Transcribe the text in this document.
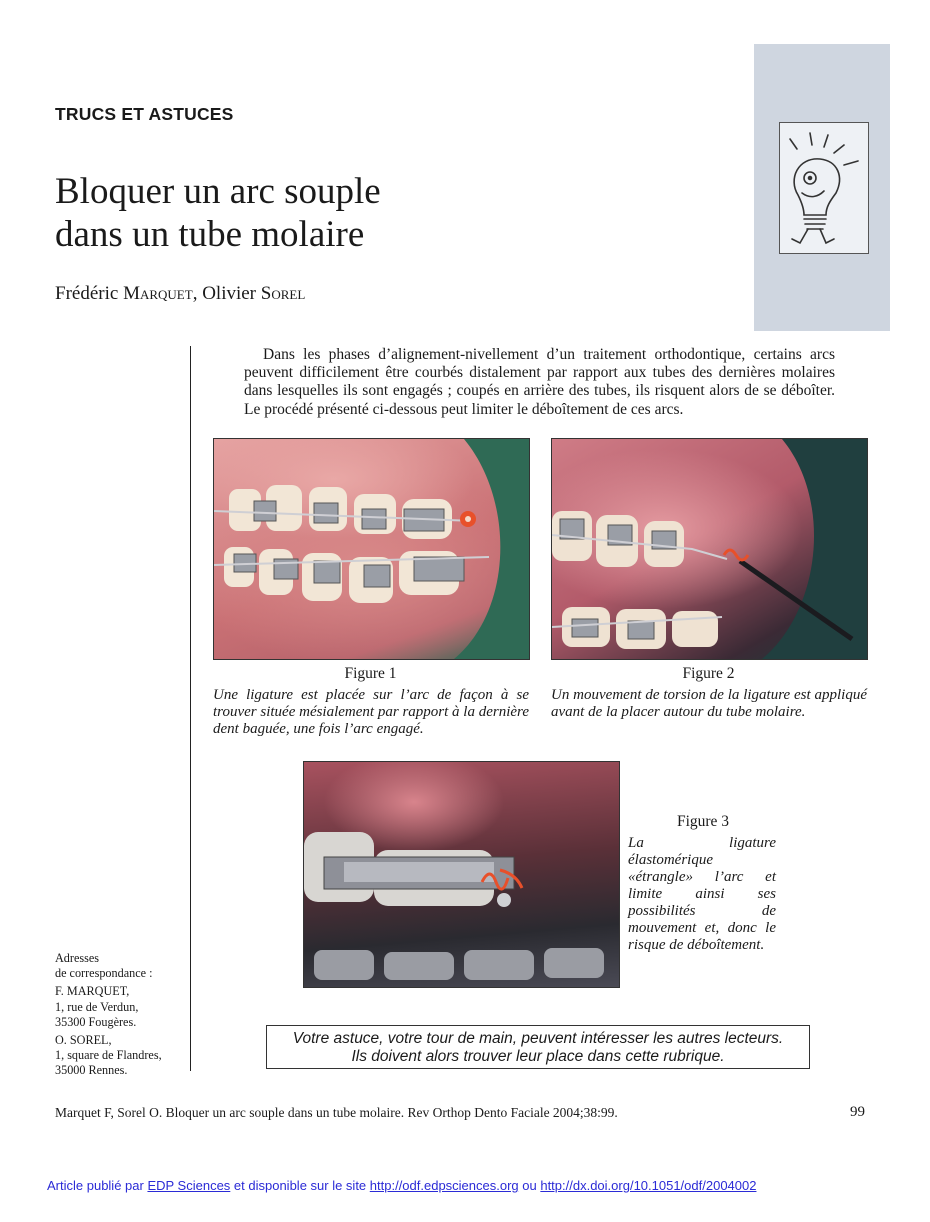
TRUCS ET ASTUCES
Bloquer un arc souple
dans un tube molaire
Frédéric Marquet, Olivier Sorel

Dans les phases d’alignement-nivellement d’un traitement orthodontique, certains arcs peuvent difficilement être courbés distalement par rapport aux tubes des dernières molaires dans lesquelles ils sont engagés ; coupés en arrière des tubes, ils risquent alors de se déboîter. Le procédé présenté ci-dessous peut limiter le déboîtement de ces arcs.

Figure 1

Une ligature est placée sur l’arc de façon à se trouver située mésialement par rapport à la dernière dent baguée, une fois l’arc engagé.

Figure 2

Un mouvement de torsion de la ligature est appliqué avant de la placer autour du tube molaire.

Figure 3

La ligature élastomérique «étrangle» l’arc et limite ainsi ses possibilités de mouvement et, donc le risque de déboîtement.

Adresses
de correspondance :
F. MARQUET,
1, rue de Verdun,
35300 Fougères.
O. SOREL,
1, square de Flandres,
35000 Rennes.
Votre astuce, votre tour de main, peuvent intéresser les autres lecteurs.
Ils doivent alors trouver leur place dans cette rubrique.
Marquet F, Sorel O. Bloquer un arc souple dans un tube molaire. Rev Orthop Dento Faciale 2004;38:99.	99
Article publié par EDP Sciences et disponible sur le site http://odf.edpsciences.org ou http://dx.doi.org/10.1051/odf/2004002
